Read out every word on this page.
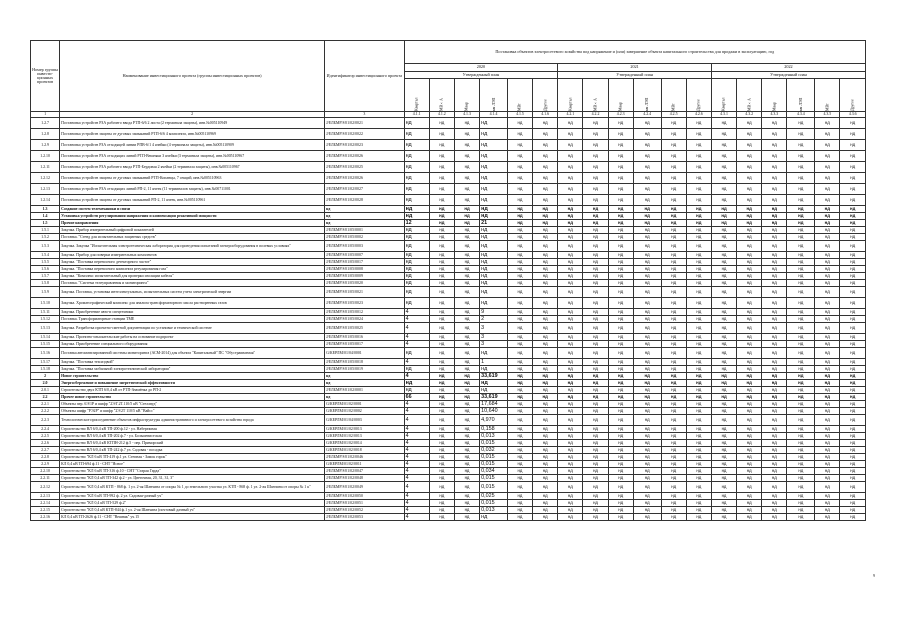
Номер группы инвести-ционных проектов	Наименование инвестиционного проекта (группы инвестиционных проектов)	Идентификатор инвестиционного проекта	Постановка объектов электросетевого хозяйства под напряжение и (или) завершение объекта капитального строительства для продажи в эксплуатацию, год																	
			2020						2021						2022					
			Утвержденный план						Утвержденный план						Утвержденный план					
			Квартал	МВ×А	Мвар	км ЛЭП	МВт	Другое	Квартал	МВ×А	Мвар	км ЛЭП	МВт	Другое	Квартал	МВ×А	Мвар	км ЛЭП	МВт	Другое
1	2	3	4.1.1	4.1.2	4.1.3	4.1.4	4.1.5	4.1.6	4.2.1	4.2.2	4.2.3	4.2.4	4.2.5	4.2.6	4.3.1	4.3.2	4.3.3	4.3.4	4.3.5	4.3.6
1.2.7	Постановка устройств РЗА рабочего ввода РТП-6/6 2 листа (2 терминала защиты), инв.№005110949	J/ЕЛБМРЭ/01/02/0021	нд	нд	нд	нд	нд	нд	нд	нд	нд	нд	нд	нд	нд	нд	нд	нд	нд	нд
1.2.8	Постановка устройств защиты от дуговых замыканий РТП-6/6 4 комплекта, инв.№005110969	J/ЕЛБМРЭ/01/02/0022	нд	нд	нд	нд	нд	нд	нд	нд	нд	нд	нд	нд	нд	нд	нд	нд	нд	нд
1.2.9	Постановка устройств РЗА отходящей линии РПВ-6/1 4 ячейки (4 терминала защиты), инв.№005110909	J/ЕЛБМРЭ/01/02/0023	нд	нд	нд	нд	нд	нд	нд	нд	нд	нд	нд	нд	нд	нд	нд	нд	нд	нд
1.2.10	Постановка устройств РЗА отходящих линий РТП-Вешняки 3 ячейки (3 терминала защиты), инв.№005110967	J/ЕЛБМРЭ/01/02/0026	нд	нд	нд	нд	нд	нд	нд	нд	нд	нд	нд	нд	нд	нд	нд	нд	нд	нд
1.2.11	Постановка устройств РЗА рабочего ввода РТП-Бердовая 2 ячейки (2 терминала защиты), инв.№005110967	J/ЕЛБМРЭ/01/02/0025	нд	нд	нд	нд	нд	нд	нд	нд	нд	нд	нд	нд	нд	нд	нд	нд	нд	нд
1.2.12	Постановка устройств защиты от дуговых замыканий РТП-Копанцы, 7 секций, инв.№005110963	J/ЕЛБМРЭ/01/02/0026	нд	нд	нд	нд	нд	нд	нд	нд	нд	нд	нд	нд	нд	нд	нд	нд	нд	нд
1.2.13	Постановка устройств РЗА отходящих линий РП-2, 11 ячеек (11 терминалов защиты), инв.№00711001	J/ЕЛБМРЭ/01/02/0027	нд	нд	нд	нд	нд	нд	нд	нд	нд	нд	нд	нд	нд	нд	нд	нд	нд	нд
1.2.14	Постановка устройств защиты от дуговых замыканий РП-2, 11 ячеек, инв.№005110961	J/ЕЛБМРЭ/01/02/0028	нд	нд	нд	нд	нд	нд	нд	нд	нд	нд	нд	нд	нд	нд	нд	нд	нд	нд
1.3	Создание систем телемеханики и связи	нд	нд	нд	нд	нд	нд	нд	нд	нд	нд	нд	нд	нд	нд	нд	нд	нд	нд	нд
1.4	Установка устройств регулирования напряжения и компенсации реактивной мощности	нд	нд	нд	нд	нд	нд	нд	нд	нд	нд	нд	нд	нд	нд	нд	нд	нд	нд	нд
1.5	Прочие направления	нд	12	нд	нд	21	нд	нд	нд	нд	нд	нд	нд	нд	нд	нд	нд	нд	нд	нд
1.5.1	Закупка. Прибор измерительный цифровой показателей	J/ЕЛБМРЭ/01/05/0001	нд	нд	нд	нд	нд	нд	нд	нд	нд	нд	нд	нд	нд	нд	нд	нд	нд	нд
1.5.2	Поставка. "Стенд для испытательных защитных средств"	J/ЕЛБМРЭ/01/05/0002	нд	нд	нд	нд	нд	нд	нд	нд	нд	нд	нд	нд	нд	нд	нд	нд	нд	нд
1.5.3	Закупка. Закупка "Испытательная электротехническая лаборатория для проведения испытаний электрооборудования в полевых условиях"	J/ЕЛБМРЭ/01/05/0003	нд	нд	нд	нд	нд	нд	нд	нд	нд	нд	нд	нд	нд	нд	нд	нд	нд	нд
1.5.4	Закупка. Прибор для поверки измерительных комплектов	J/ЕЛБМРЭ/01/05/0007	нд	нд	нд	нд	нд	нд	нд	нд	нд	нд	нд	нд	нд	нд	нд	нд	нд	нд
1.5.5	Закупка. "Поставка переносного детекторного частот"	J/ЕЛБМРЭ/01/05/0017	нд	нд	нд	нд	нд	нд	нд	нд	нд	нд	нд	нд	нд	нд	нд	нд	нд	нд
1.5.6	Закупка. "Поставка переносного комплекта регулирования газа"	J/ЕЛБМРЭ/01/05/0008	нд	нд	нд	нд	нд	нд	нд	нд	нд	нд	нд	нд	нд	нд	нд	нд	нд	нд
1.5.7	Закупка. "Комплекс испытательный для проверки изоляции кабеля"	J/ЕЛБМРЭ/01/05/0009	нд	нд	нд	нд	нд	нд	нд	нд	нд	нд	нд	нд	нд	нд	нд	нд	нд	нд
1.5.8	Поставка. "Система телеуправления и мониторинга"	J/ЕЛБМРЭ/01/05/0020	нд	нд	нд	нд	нд	нд	нд	нд	нд	нд	нд	нд	нд	нд	нд	нд	нд	нд
1.5.9	Закупка. Поставка, установка интеллектуальных, испытательных систем учета электрической энергии	J/ЕЛБМРЭ/01/05/0021	нд	нд	нд	нд	нд	нд	нд	нд	нд	нд	нд	нд	нд	нд	нд	нд	нд	нд
1.5.10	Закупка. Хроматографический комплекс для анализа трансформаторного масла растворенных газов	J/ЕЛБМРЭ/01/05/0023	нд	нд	нд	нд	нд	нд	нд	нд	нд	нд	нд	нд	нд	нд	нд	нд	нд	нд
1.5.11	Закупка. Приобретение авто-и спецтехники	J/ЕЛБМРЭ/01/05/0012	4	нд	нд	9	нд	нд	нд	нд	нд	нд	нд	нд	нд	нд	нд	нд	нд	нд
1.5.12	Поставка. Трансформаторные станции ТМЕ	J/ЕЛБМРЭ/01/05/0024	4	нд	нд	2	нд	нд	нд	нд	нд	нд	нд	нд	нд	нд	нд	нд	нд	нд
1.5.13	Закупка. Разработка проектно-сметной документации по установке и технической системе	J/ЕЛБМРЭ/01/05/0025	4	нд	нд	3	нд	нд	нд	нд	нд	нд	нд	нд	нд	нд	нд	нд	нд	нд
1.5.14	Закупка. Проектно-изыскательские работы на основание подпроект	J/ЕЛБМРЭ/01/05/0016	4	нд	нд	3	нд	нд	нд	нд	нд	нд	нд	нд	нд	нд	нд	нд	нд	нд
1.5.15	Закупка. Приобретение специального оборудования	J/ЕЛБМРЭ/01/05/0017	4	нд	нд	3	нд	нд	нд	нд	нд	нд	нд	нд	нд	нд	нд	нд	нд	нд
1.5.16	Поставка автоматизированной системы мониторинга (АСМ-2014) для объекта "Капитальный" ПС "Обустраиваемая"	G/КЕРЛМ/01/04/0001	нд	нд	нд	нд	нд	нд	нд	нд	нд	нд	нд	нд	нд	нд	нд	нд	нд	нд
1.5.17	Закупка. "Поставка техсиздвой"	J/ЕЛБМРЭ/01/05/0018	4	нд	нд	1	нд	нд	нд	нд	нд	нд	нд	нд	нд	нд	нд	нд	нд	нд
1.5.18	Закупка. "Поставка мобильной электротехнической лаборатории"	J/ЕЛБМРЭ/01/05/0019	нд	нд	нд	нд	нд	нд	нд	нд	нд	нд	нд	нд	нд	нд	нд	нд	нд	нд
2	Новое строительство	нд	4	нд	нд	33,619	нд	нд	нд	нд	нд	нд	нд	нд	нд	нд	нд	нд	нд	нд
2.0	Энергосбережение и повышение энергетической эффективности	нд	нд	нд	нд	нд	нд	нд	нд	нд	нд	нд	нд	нд	нд	нд	нд	нд	нд	нд
2.0.1	Строительство двух КТП 6/0,4 кВ от РТП-Знамёнка до РП-2	J/ЕЛБМРЭ/01/02/0001	нд	нд	нд	нд	нд	нд	нд	нд	нд	нд	нд	нд	нд	нд	нд	нд	нд	нд
2.2	Прочее новое строительство	нд	66	нд	нд	33,619	нд	нд	нд	нд	нд	нд	нд	нд	нд	нд	нд	нд	нд	нд
2.2.1	Объекты пер. 6Э/1Р и шифр "2Э/Г.2Т.110/5 кВ "Стеллвуд"	G/КЕРЛМ/01/02/0001	4	нд	нд	17,684	нд	нд	нд	нд	нд	нд	нд	нд	нд	нд	нд	нд	нд	нд
2.2.2	Объекты шифр "РЭ2Р" и шифр "2Э/2Т 110/5 кВ "Вайсс"	G/КЕРЛМ/01/02/0002	4	нд	нд	10,640	нд	нд	нд	нд	нд	нд	нд	нд	нд	нд	нд	нд	нд	нд
2.2.3	Технологическое присоединение объектов инфраструктуры административного и электросетевого хозяйства города	G/КЕРЛМ/01/04/0003	4	нд	нд	4,970	нд	нд	нд	нд	нд	нд	нд	нд	нд	нд	нд	нд	нд	нд
2.2.4	Строительство ВЛ 6/0,4 кВ ТП-200 ф.12 - ул. Набережная	G/КЕРЛМ/01/02/0013	4	нд	нд	0,158	нд	нд	нд	нд	нд	нд	нд	нд	нд	нд	нд	нд	нд	нд
2.2.5	Строительство ВЛ 6/0,4 кВ ТП-202 ф.7 - ул. Большевистская	G/КЕРЛМ/01/02/0013	4	нд	нд	0,013	нд	нд	нд	нд	нд	нд	нд	нд	нд	нд	нд	нд	нд	нд
2.2.6	Строительство ВЛ 6/0,4 кВ КТПН-212 ф.5 - пер. Приморский	G/КЕРЛМ/01/02/0014	4	нд	нд	0,015	нд	нд	нд	нд	нд	нд	нд	нд	нд	нд	нд	нд	нд	нд
2.2.7	Строительство ВЛ 6/0,4 кВ ТП-242 ф.7 ул. Садовая - посадка	G/КЕРЛМ/01/02/0018	4	нд	нд	0,032	нд	нд	нд	нд	нд	нд	нд	нд	нд	нд	нд	нд	нд	нд
2.2.8	Строительство "КЛ 6 кВ ТП-419 ф.1 ул. Степная - Замок горок"	J/ЕЛБМРЭ/01/02/0046	4	нд	нд	0,015	нд	нд	нд	нд	нд	нд	нд	нд	нд	нд	нд	нд	нд	нд
2.2.9	КЛ 0,4 кВ ТП-694 ф.11 - СНТ "Ясное"	G/КЕРЛМ/01/02/0011	4	нд	нд	0,015	нд	нд	нд	нд	нд	нд	нд	нд	нд	нд	нд	нд	нд	нд
2.2.10	Строительство "КЛ 6 кВ ТП-316 ф.10 - СНТ "Старая Гарда"	J/ЕЛБМРЭ/01/02/0047	4	нд	нд	0,034	нд	нд	нд	нд	нд	нд	нд	нд	нд	нд	нд	нд	нд	нд
2.2.11	Строительство "КЛ 0,4 кВ ТП-342 ф.2 - ул. Цветочная, 20, 31, 31, 3"	J/ЕЛБМРЭ/01/02/0048	4	нд	нд	0,015	нд	нд	нд	нд	нд	нд	нд	нд	нд	нд	нд	нд	нд	нд
2.2.12	Строительство "КЛ 0,4 кВ КТП - 868 ф. 1 ул. 2-ая Шанчина от опоры № 1 до земельного участка ул. КТП - 868 ф. 1 ул. 2-ая Шанчина от опоры № 1 к"	J/ЕЛБМРЭ/01/02/0049	4	нд	нд	0,015	нд	нд	нд	нд	нд	нд	нд	нд	нд	нд	нд	нд	нд	нд
2.2.13	Строительство "КЛ 6 кВ ТП-992 ф. 2 ул. Садовая-дачный уч"	J/ЕЛБМРЭ/01/02/0050	4	нд	нд	0,025	нд	нд	нд	нд	нд	нд	нд	нд	нд	нд	нд	нд	нд	нд
2.2.14	Строительство "КЛ 0,4 кВ ТП-529 ф.2"	J/ЕЛБМРЭ/01/02/0051	4	нд	нд	0,015	нд	нд	нд	нд	нд	нд	нд	нд	нд	нд	нд	нд	нд	нд
2.2.15	Строительство "КЛ 0,4 кВ КТП-844 ф.1 ул. 2-ая Шанчина (почтовый дачный уч"	J/ЕЛБМРЭ/01/02/0052	4	нд	нд	0,013	нд	нд	нд	нд	нд	нд	нд	нд	нд	нд	нд	нд	нд	нд
2.2.16	КЛ 0,4 кВ ТП-2626 ф.11 - СНТ "Вешняк" уч.15	J/ЕЛБМРЭ/01/02/0053	4	нд	нд	нд	нд	нд	нд	нд	нд	нд	нд	нд	нд	нд	нд	нд	нд	нд
9
